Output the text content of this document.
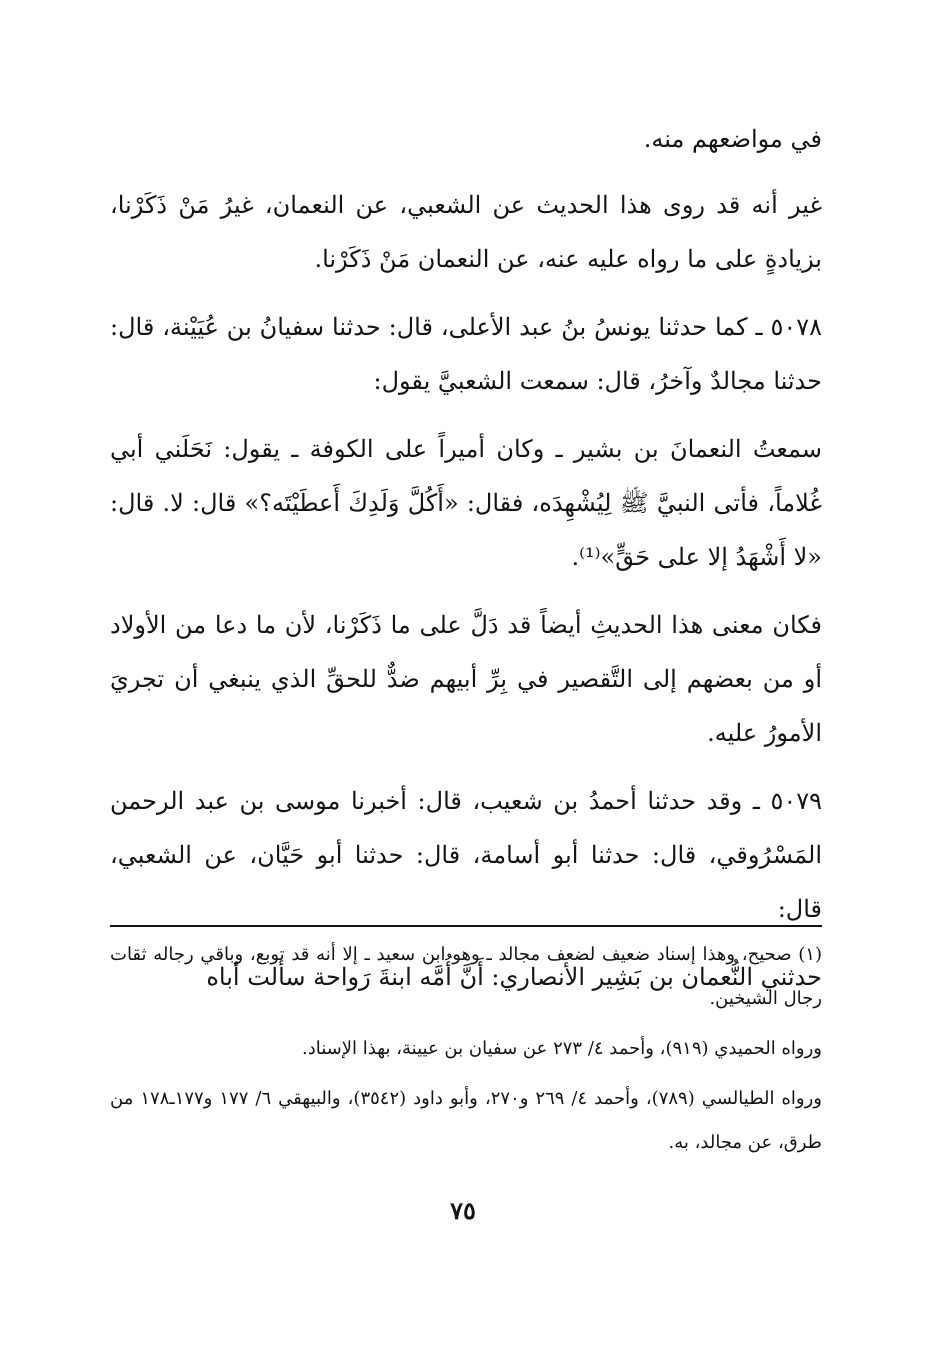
في مواضعهم منه.

غير أنه قد روى هذا الحديث عن الشعبي، عن النعمان، غيرُ مَنْ ذَكَرْنا، بزيادةٍ على ما رواه عليه عنه، عن النعمان مَنْ ذَكَرْنا.

٥٠٧٨ ـ كما حدثنا يونسُ بنُ عبد الأعلى، قال: حدثنا سفيانُ بن عُيَيْنة، قال: حدثنا مجالدٌ وآخرُ، قال: سمعت الشعبيَّ يقول:

سمعتُ النعمانَ بن بشير ـ وكان أميراً على الكوفة ـ يقول: نَحَلَني أبي غُلاماً، فأتى النبيَّ ﷺ لِيُشْهِدَه، فقال: «أَكُلَّ وَلَدِكَ أَعطَيْتَه؟» قال: لا. قال: «لا أَشْهَدُ إلا على حَقٍّ»⁽¹⁾.

فكان معنى هذا الحديثِ أيضاً قد دَلَّ على ما ذَكَرْنا، لأن ما دعا من الأولاد أو من بعضهم إلى التَّقصير في بِرِّ أبيهم ضدٌّ للحقِّ الذي ينبغي أن تجريَ الأمورُ عليه.

٥٠٧٩ ـ وقد حدثنا أحمدُ بن شعيب، قال: أخبرنا موسى بن عبد الرحمن المَسْرُوقي، قال: حدثنا أبو أسامة، قال: حدثنا أبو حَيَّان، عن الشعبي، قال:

حدثني النُّعمان بن بَشِير الأنصاري: أَنَّ أُمَّه ابنةَ رَواحة سألت أباه

(١) صحيح، وهذا إسناد ضعيف لضعف مجالد ـ وهو ابن سعيد ـ إلا أنه قد توبع، وباقي رجاله ثقات رجال الشيخين.

ورواه الحميدي (٩١٩)، وأحمد ٤/ ٢٧٣ عن سفيان بن عيينة، بهذا الإسناد.

ورواه الطيالسي (٧٨٩)، وأحمد ٤/ ٢٦٩ و٢٧٠، وأبو داود (٣٥٤٢)، والبيهقي ٦/ ١٧٧ و١٧٧ـ١٧٨ من طرق، عن مجالد، به.

٧٥
